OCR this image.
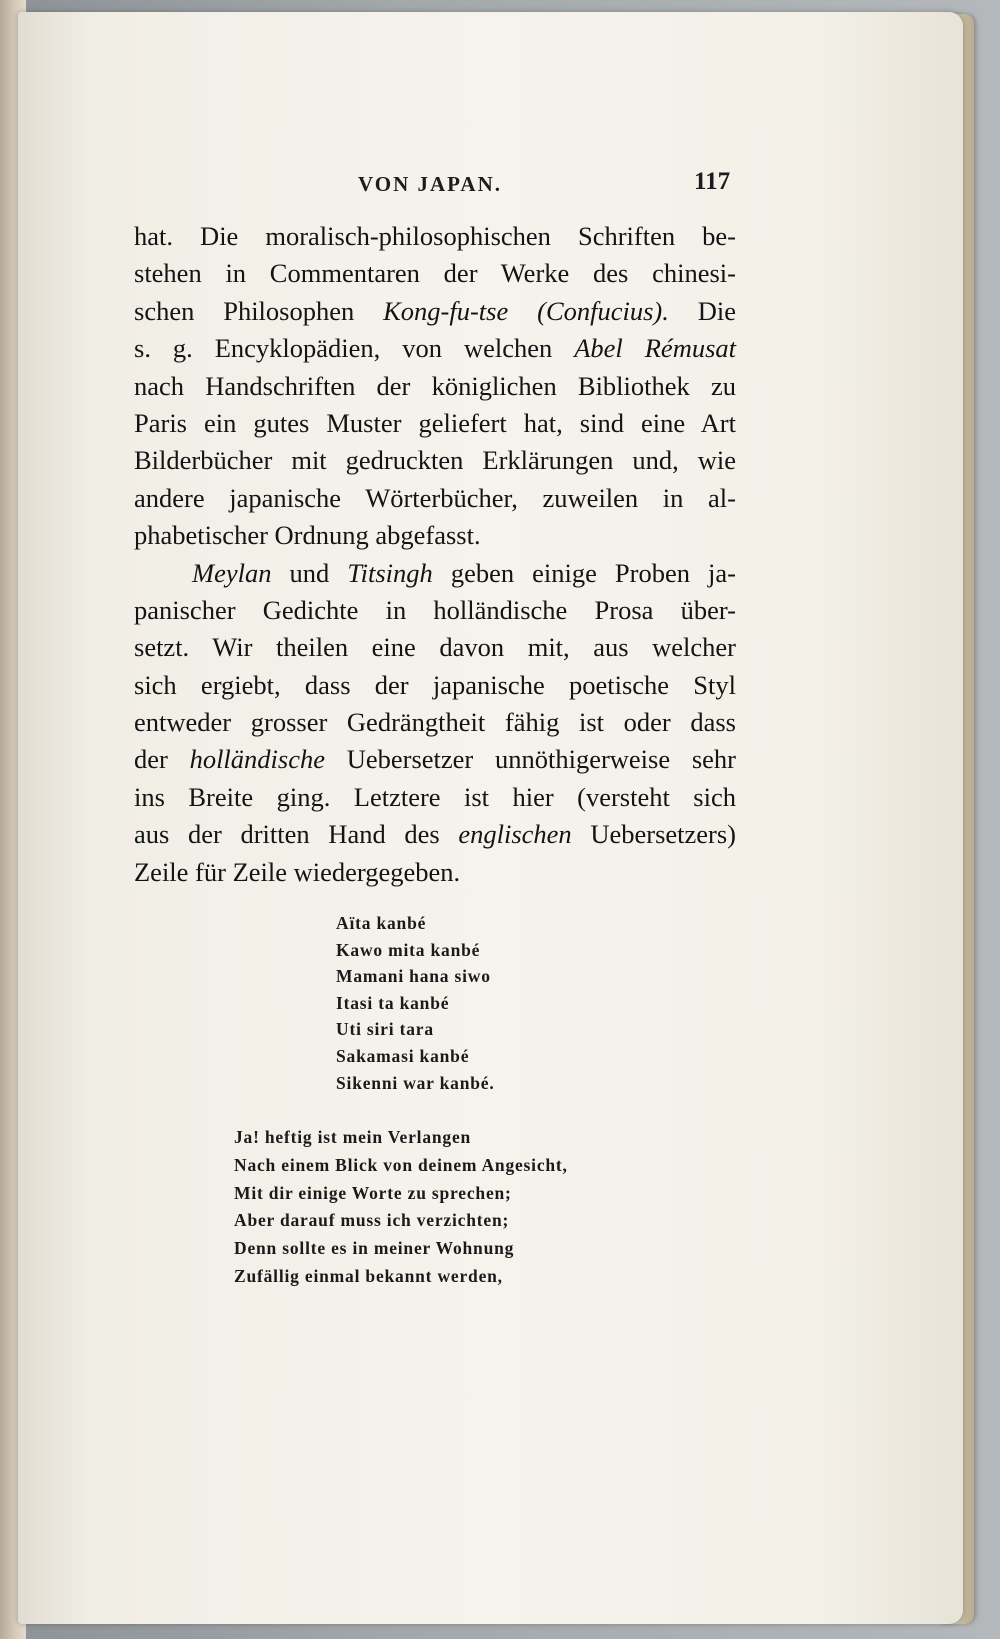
VON JAPAN.	117
hat. Die moralisch-philosophischen Schriften be-
stehen in Commentaren der Werke des chinesi-
schen Philosophen Kong-fu-tse (Confucius). Die
s. g. Encyklopädien, von welchen Abel Rémusat
nach Handschriften der königlichen Bibliothek zu
Paris ein gutes Muster geliefert hat, sind eine Art
Bilderbücher mit gedruckten Erklärungen und, wie
andere japanische Wörterbücher, zuweilen in al-
phabetischer Ordnung abgefasst.
Meylan und Titsingh geben einige Proben ja-
panischer Gedichte in holländische Prosa über-
setzt. Wir theilen eine davon mit, aus welcher
sich ergiebt, dass der japanische poetische Styl
entweder grosser Gedrängtheit fähig ist oder dass
der holländische Uebersetzer unnöthigerweise sehr
ins Breite ging. Letztere ist hier (versteht sich
aus der dritten Hand des englischen Uebersetzers)
Zeile für Zeile wiedergegeben.
Aïta kanbé
Kawo mita kanbé
Mamani hana siwo
Itasi ta kanbé
Uti siri tara
Sakamasi kanbé
Sikenni war kanbé.
Ja! heftig ist mein Verlangen
Nach einem Blick von deinem Angesicht,
Mit dir einige Worte zu sprechen;
Aber darauf muss ich verzichten;
Denn sollte es in meiner Wohnung
Zufällig einmal bekannt werden,
